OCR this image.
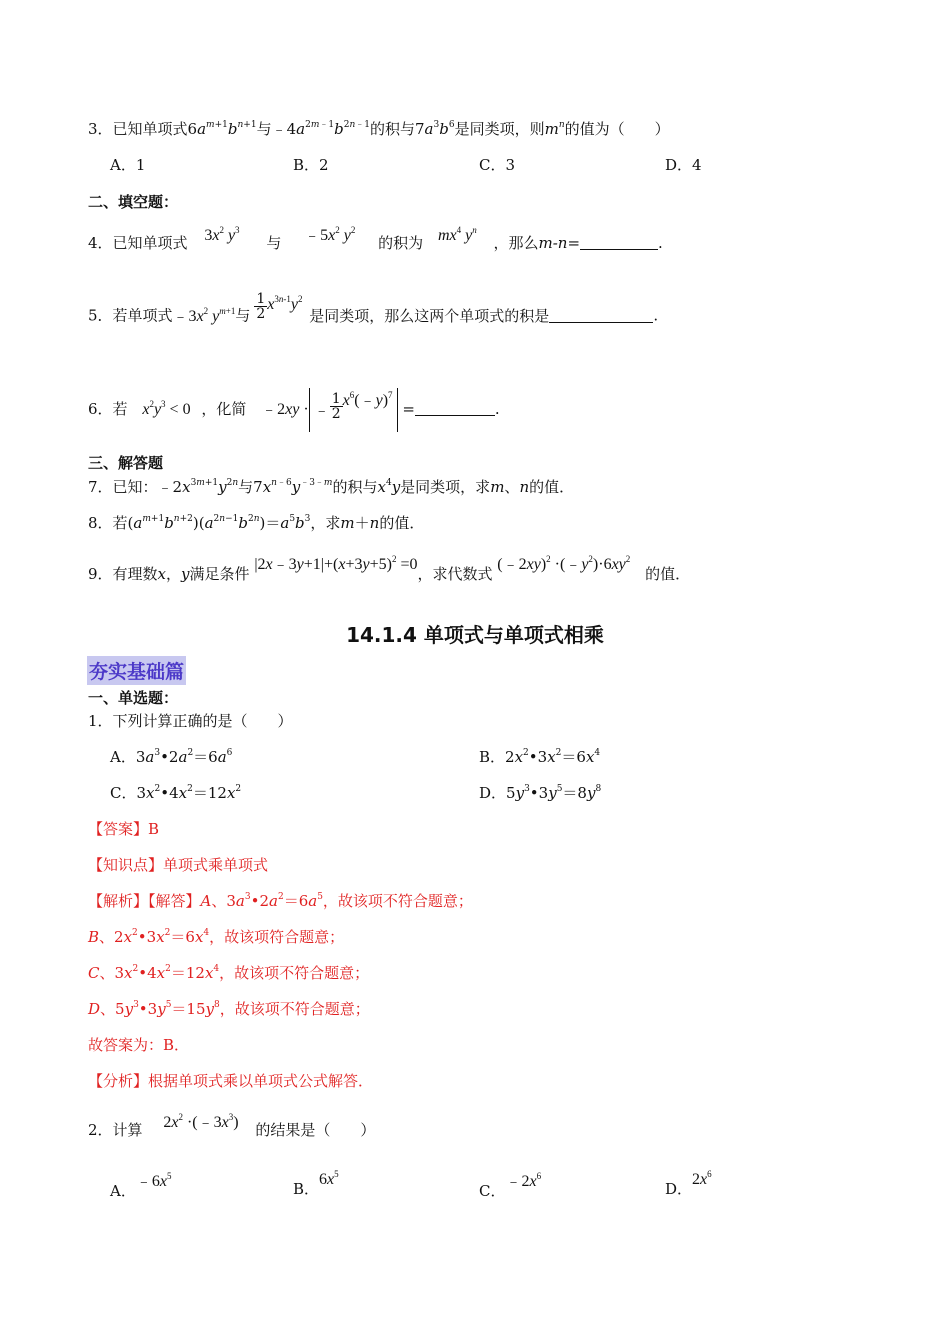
3．已知单项式$6a^{m+1}b^{n+1}$与$﹣4a^{2m﹣1}b^{2n﹣1}$的积与$7a^3b^6$是同类项，则$m^n$的值为（　　）
A．1	B．2	C．3	D．4
二、填空题：
4．已知单项式 $3x^2$ $y^3$ 与 $﹣5x^2$ $y^2$ 的积为 $mx^4$ $y^n$ ，那么m-n=	.
5．若单项式$﹣3x^2$ $y^{m+1}$与 $\frac{1}{2} x^{3n-1}y^2$ 是同类项，那么这两个单项式的积是	.
6．若 $x^2y^3 < 0$ ，化简 ﹣2xy · ﹣ $\frac{1}{2}$ $x^6(﹣y)^7$ =	.
三、解答题
7．已知：$﹣2x^{3m+1}y^{2n}$与$7x^{n﹣6}y^{﹣3﹣m}$的积与$x^4y$是同类项，求m、n的值．
8．若$(a^{m+1}b^{n+2})(a^{2n-1}b^{2n})=a^5b^3$，求m＋n的值．
9．有理数x，y满足条件 $|2x﹣3y+1|+(x+3y+5)^2 =0$，求代数式 (﹣2xy)$^2$ $\cdot(﹣y^2)\cdot 6xy^2$ 的值．
14.1.4 单项式与单项式相乘
夯实基础篇
一、单选题：
1．下列计算正确的是（　　）
A．$3a^3•2a^2=6a^6$	B．$2x^2•3x^2=6x^4$
C．$3x^2•4x^2=12x^2$	D．$5y^3•3y^5=8y^8$
【答案】B
【知识点】单项式乘单项式
【解析】【解答】A、$3a^3•2a^2=6a^5$，故该项不符合题意；
B、$2x^2•3x^2=6x^4$，故该项符合题意；
C、$3x^2•4x^2=12x^4$，故该项不符合题意；
D、$5y^3•3y^5=15y^8$，故该项不符合题意；
故答案为：B．
【分析】根据单项式乘以单项式公式解答．
2．计算 $2x^2$ $\cdot(﹣3x^3)$ 的结果是（　　）
A．$﹣6x^5$
B．$6x^5$
C．$﹣2x^6$
D．$2x^6$
